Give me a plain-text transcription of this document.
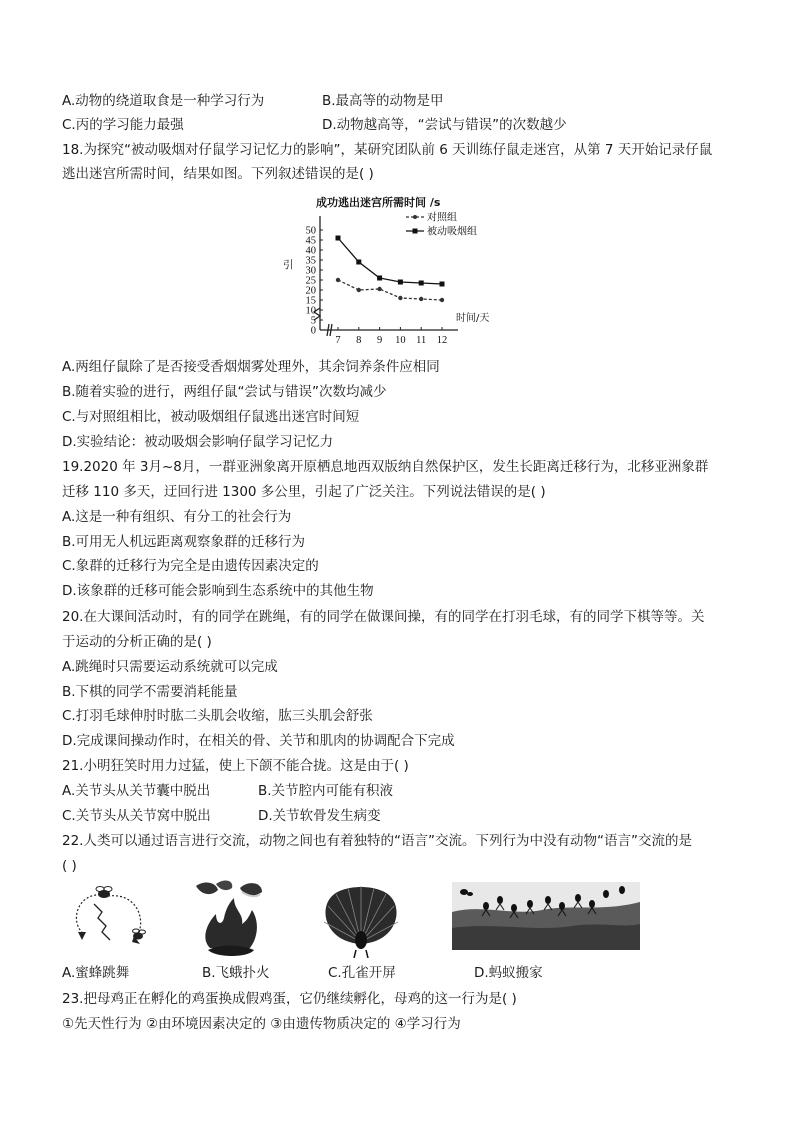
A.动物的绕道取食是一种学习行为	B.最高等的动物是甲
C.丙的学习能力最强	D.动物越高等，“尝试与错误”的次数越少
18.为探究“被动吸烟对仔鼠学习记忆力的影响”，某研究团队前 6 天训练仔鼠走迷宫，从第 7 天开始记录仔鼠
逃出迷宫所需时间，结果如图。下列叙述错误的是( )
成功逃出迷宫所需时间 /s
引
0
5
10
15
20
25
30
35
40
45
50
7 8 9 10 11 12
对照组
被动吸烟组
时间/天
A.两组仔鼠除了是否接受香烟烟雾处理外，其余饲养条件应相同
B.随着实验的进行，两组仔鼠“尝试与错误”次数均减少
C.与对照组相比，被动吸烟组仔鼠逃出迷宫时间短
D.实验结论：被动吸烟会影响仔鼠学习记忆力
19.2020 年 3月~8月，一群亚洲象离开原栖息地西双版纳自然保护区，发生长距离迁移行为，北移亚洲象群
迁移 110 多天，迂回行进 1300 多公里，引起了广泛关注。下列说法错误的是( )
A.这是一种有组织、有分工的社会行为
B.可用无人机远距离观察象群的迁移行为
C.象群的迁移行为完全是由遗传因素决定的
D.该象群的迁移可能会影响到生态系统中的其他生物
20.在大课间活动时，有的同学在跳绳，有的同学在做课间操，有的同学在打羽毛球，有的同学下棋等等。关
于运动的分析正确的是( )
A.跳绳时只需要运动系统就可以完成
B.下棋的同学不需要消耗能量
C.打羽毛球伸肘时肱二头肌会收缩，肱三头肌会舒张
D.完成课间操动作时，在相关的骨、关节和肌肉的协调配合下完成
21.小明狂笑时用力过猛，使上下颌不能合拢。这是由于( )
A.关节头从关节囊中脱出	B.关节腔内可能有积液
C.关节头从关节窝中脱出	D.关节软骨发生病变
22.人类可以通过语言进行交流，动物之间也有着独特的“语言”交流。下列行为中没有动物“语言”交流的是
( )
A.蜜蜂跳舞	B.飞蛾扑火	C.孔雀开屏	D.蚂蚁搬家
23.把母鸡正在孵化的鸡蛋换成假鸡蛋，它仍继续孵化，母鸡的这一行为是( )
①先天性行为 ②由环境因素决定的 ③由遗传物质决定的 ④学习行为
